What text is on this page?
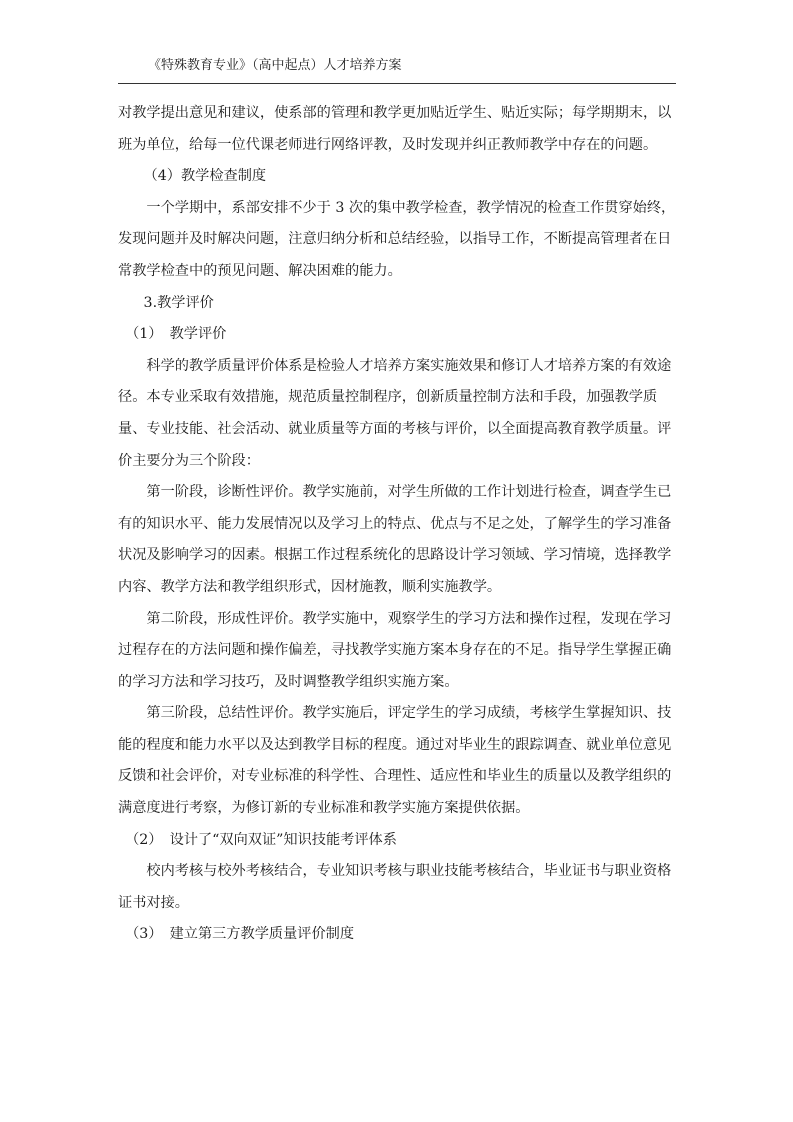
《特殊教育专业》（高中起点）人才培养方案

对教学提出意见和建议，使系部的管理和教学更加贴近学生、贴近实际；每学期期末，以班为单位，给每一位代课老师进行网络评教，及时发现并纠正教师教学中存在的问题。

（4）教学检查制度

一个学期中，系部安排不少于 3 次的集中教学检查，教学情况的检查工作贯穿始终，发现问题并及时解决问题，注意归纳分析和总结经验，以指导工作，不断提高管理者在日常教学检查中的预见问题、解决困难的能力。

3.教学评价

（1）　教学评价

科学的教学质量评价体系是检验人才培养方案实施效果和修订人才培养方案的有效途径。本专业采取有效措施，规范质量控制程序，创新质量控制方法和手段，加强教学质量、专业技能、社会活动、就业质量等方面的考核与评价，以全面提高教育教学质量。评价主要分为三个阶段：

第一阶段，诊断性评价。教学实施前，对学生所做的工作计划进行检查，调查学生已有的知识水平、能力发展情况以及学习上的特点、优点与不足之处，了解学生的学习准备状况及影响学习的因素。根据工作过程系统化的思路设计学习领域、学习情境，选择教学内容、教学方法和教学组织形式，因材施教，顺利实施教学。

第二阶段，形成性评价。教学实施中，观察学生的学习方法和操作过程，发现在学习过程存在的方法问题和操作偏差，寻找教学实施方案本身存在的不足。指导学生掌握正确的学习方法和学习技巧，及时调整教学组织实施方案。

第三阶段，总结性评价。教学实施后，评定学生的学习成绩，考核学生掌握知识、技能的程度和能力水平以及达到教学目标的程度。通过对毕业生的跟踪调查、就业单位意见反馈和社会评价，对专业标准的科学性、合理性、适应性和毕业生的质量以及教学组织的满意度进行考察，为修订新的专业标准和教学实施方案提供依据。

（2）　设计了“双向双证”知识技能考评体系

校内考核与校外考核结合，专业知识考核与职业技能考核结合，毕业证书与职业资格证书对接。

（3）　建立第三方教学质量评价制度
